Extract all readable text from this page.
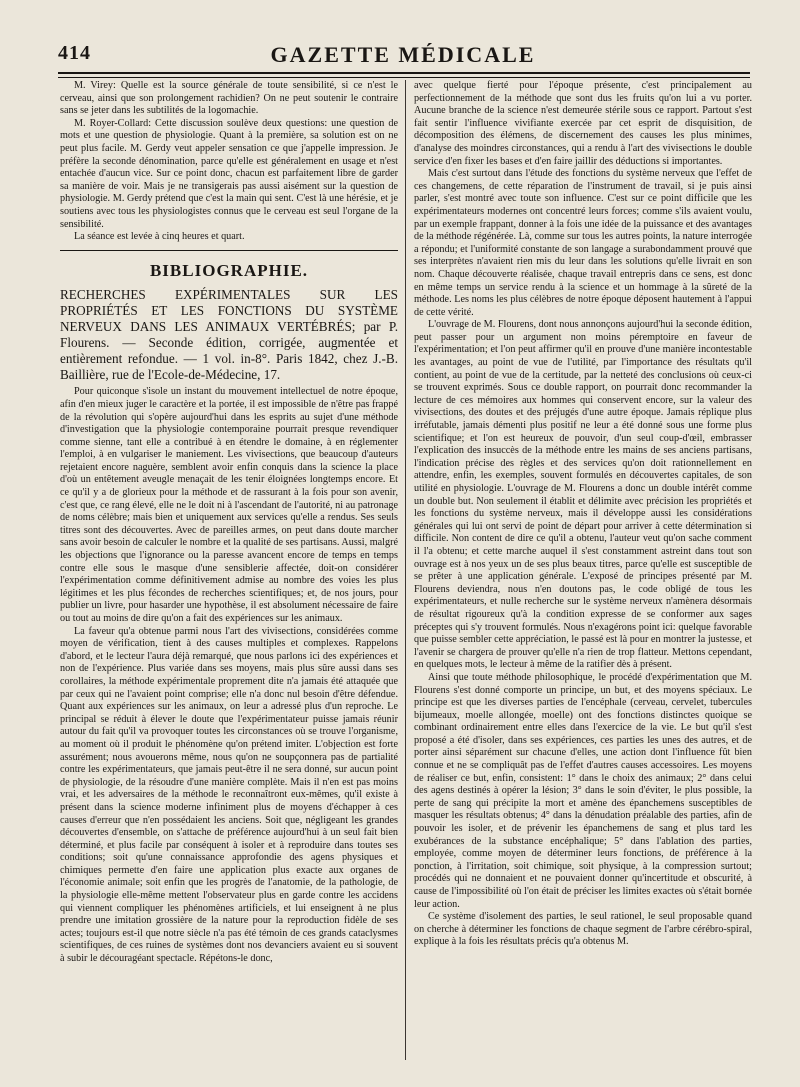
GAZETTE MÉDICALE
414

M. Virey: Quelle est la source générale de toute sensibilité, si ce n'est le cerveau, ainsi que son prolongement rachidien? On ne peut soutenir le contraire sans se jeter dans les subtilités de la logomachie.

M. Royer-Collard: Cette discussion soulève deux questions: une question de mots et une question de physiologie. Quant à la première, sa solution est on ne peut plus facile. M. Gerdy veut appeler sensation ce que j'appelle impression. Je préfère la seconde dénomination, parce qu'elle est généralement en usage et n'est entachée d'aucun vice. Sur ce point donc, chacun est parfaitement libre de garder sa manière de voir. Mais je ne transigerais pas aussi aisément sur la question de physiologie. M. Gerdy prétend que c'est la main qui sent. C'est là une hérésie, et je soutiens avec tous les physiologistes connus que le cerveau est seul l'organe de la sensibilité.

La séance est levée à cinq heures et quart.

BIBLIOGRAPHIE.

RECHERCHES EXPÉRIMENTALES SUR LES PROPRIÉTÉS ET LES FONCTIONS DU SYSTÈME NERVEUX DANS LES ANIMAUX VERTÉBRÉS; par P. Flourens. — Seconde édition, corrigée, augmentée et entièrement refondue. — 1 vol. in-8°. Paris 1842, chez J.-B. Baillière, rue de l'Ecole-de-Médecine, 17.

Pour quiconque s'isole un instant du mouvement intellectuel de notre époque, afin d'en mieux juger le caractère et la portée, il est impossible de n'être pas frappé de la révolution qui s'opère aujourd'hui dans les esprits au sujet d'une méthode d'investigation que la physiologie contemporaine pourrait presque revendiquer comme sienne, tant elle a contribué à en étendre le domaine, à en réglementer l'emploi, à en vulgariser le maniement. Les vivisections, que beaucoup d'auteurs rejetaient encore naguère, semblent avoir enfin conquis dans la science la place d'où un entêtement aveugle menaçait de les tenir éloignées longtemps encore. Et ce qu'il y a de glorieux pour la méthode et de rassurant à la fois pour son avenir, c'est que, ce rang élevé, elle ne le doit ni à l'ascendant de l'autorité, ni au patronage de noms célèbre; mais bien et uniquement aux services qu'elle a rendus. Ses seuls titres sont des découvertes. Avec de pareilles armes, on peut dans doute marcher sans avoir besoin de calculer le nombre et la qualité de ses partisans. Aussi, malgré les objections que l'ignorance ou la paresse avancent encore de temps en temps contre elle sous le masque d'une sensiblerie affectée, doit-on considérer l'expérimentation comme définitivement admise au nombre des voies les plus légitimes et les plus fécondes de recherches scientifiques; et, de nos jours, pour publier un livre, pour hasarder une hypothèse, il est absolument nécessaire de faire ou tout au moins de dire qu'on a fait des expériences sur les animaux.

La faveur qu'a obtenue parmi nous l'art des vivisections, considérées comme moyen de vérification, tient à des causes multiples et complexes. Rappelons d'abord, et le lecteur l'aura déjà remarqué, que nous parlons ici des expériences et non de l'expérience. Plus variée dans ses moyens, mais plus sûre aussi dans ses corollaires, la méthode expérimentale proprement dite n'a jamais été attaquée que par ceux qui ne l'avaient point comprise; elle n'a donc nul besoin d'être défendue. Quant aux expériences sur les animaux, on leur a adressé plus d'un reproche. Le principal se réduit à élever le doute que l'expérimentateur puisse jamais réunir autour du fait qu'il va provoquer toutes les circonstances où se trouve l'organisme, au moment où il produit le phénomène qu'on prétend imiter. L'objection est forte assurément; nous avouerons même, nous qu'on ne soupçonnera pas de partialité contre les expérimentateurs, que jamais peut-être il ne sera donné, sur aucun point de physiologie, de la résoudre d'une manière complète. Mais il n'en est pas moins vrai, et les adversaires de la méthode le reconnaîtront eux-mêmes, qu'il existe à présent dans la science moderne infiniment plus de moyens d'échapper à ces causes d'erreur que n'en possédaient les anciens. Soit que, négligeant les grandes découvertes d'ensemble, on s'attache de préférence aujourd'hui à un seul fait bien déterminé, et plus facile par conséquent à isoler et à reproduire dans toutes ses conditions; soit qu'une connaissance approfondie des agens physiques et chimiques permette d'en faire une application plus exacte aux organes de l'économie animale; soit enfin que les progrès de l'anatomie, de la pathologie, de la physiologie elle-même mettent l'observateur plus en garde contre les accidens qui viennent compliquer les phénomènes artificiels, et lui enseignent à ne plus prendre une imitation grossière de la nature pour la reproduction fidèle de ses actes; toujours est-il que notre siècle n'a pas été témoin de ces grands cataclysmes scientifiques, de ces ruines de systèmes dont nos devanciers avaient eu si souvent à subir le découragéant spectacle. Répétons-le donc,

avec quelque fierté pour l'époque présente, c'est principalement au perfectionnement de la méthode que sont dus les fruits qu'on lui a vu porter. Aucune branche de la science n'est demeurée stérile sous ce rapport. Partout s'est fait sentir l'influence vivifiante exercée par cet esprit de disquisition, de décomposition des élémens, de discernement des causes les plus minimes, d'analyse des moindres circonstances, qui a rendu à l'art des vivisections le double service d'en fixer les bases et d'en faire jaillir des déductions si importantes.

Mais c'est surtout dans l'étude des fonctions du système nerveux que l'effet de ces changemens, de cette réparation de l'instrument de travail, si je puis ainsi parler, s'est montré avec toute son influence. C'est sur ce point difficile que les expérimentateurs modernes ont concentré leurs forces; comme s'ils avaient voulu, par un exemple frappant, donner à la fois une idée de la puissance et des avantages de la méthode régénérée. Là, comme sur tous les autres points, la nature interrogée a répondu; et l'uniformité constante de son langage a surabondamment prouvé que ses interprètes n'avaient rien mis du leur dans les solutions qu'elle livrait en son nom. Chaque découverte réalisée, chaque travail entrepris dans ce sens, est donc en même temps un service rendu à la science et un hommage à la sûreté de la méthode. Les noms les plus célèbres de notre époque déposent hautement à l'appui de cette vérité.

L'ouvrage de M. Flourens, dont nous annonçons aujourd'hui la seconde édition, peut passer pour un argument non moins péremptoire en faveur de l'expérimentation; et l'on peut affirmer qu'il en prouve d'une manière incontestable les avantages, au point de vue de l'utilité, par l'importance des résultats qu'il contient, au point de vue de la certitude, par la netteté des conclusions où ceux-ci se trouvent exprimés. Sous ce double rapport, on pourrait donc recommander la lecture de ces mémoires aux hommes qui conservent encore, sur la valeur des vivisections, des doutes et des préjugés d'une autre époque. Jamais réplique plus irréfutable, jamais démenti plus positif ne leur a été donné sous une forme plus scientifique; et l'on est heureux de pouvoir, d'un seul coup-d'œil, embrasser l'explication des insuccès de la méthode entre les mains de ses anciens partisans, l'indication précise des règles et des services qu'on doit rationnellement en attendre, enfin, les exemples, souvent formulés en découvertes capitales, de son utilité en physiologie. L'ouvrage de M. Flourens a donc un double intérêt comme un double but. Non seulement il établit et délimite avec précision les propriétés et les fonctions du système nerveux, mais il développe aussi les considérations générales qui lui ont servi de point de départ pour arriver à cette détermination si difficile. Non content de dire ce qu'il a obtenu, l'auteur veut qu'on sache comment il l'a obtenu; et cette marche auquel il s'est constamment astreint dans tout son ouvrage est à nos yeux un de ses plus beaux titres, parce qu'elle est susceptible de se prêter à une application générale. L'exposé de principes présenté par M. Flourens deviendra, nous n'en doutons pas, le code obligé de tous les expérimentateurs, et nulle recherche sur le système nerveux n'amènera désormais de résultat rigoureux qu'à la condition expresse de se conformer aux sages préceptes qui s'y trouvent formulés. Nous n'exagérons point ici: quelque favorable que puisse sembler cette appréciation, le passé est là pour en montrer la justesse, et l'avenir se chargera de prouver qu'elle n'a rien de trop flatteur. Mettons cependant, en quelques mots, le lecteur à même de la ratifier dès à présent.

Ainsi que toute méthode philosophique, le procédé d'expérimentation que M. Flourens s'est donné comporte un principe, un but, et des moyens spéciaux. Le principe est que les diverses parties de l'encéphale (cerveau, cervelet, tubercules bijumeaux, moelle allongée, moelle) ont des fonctions distinctes quoique se combinant ordinairement entre elles dans l'exercice de la vie. Le but qu'il s'est proposé a été d'isoler, dans ses expériences, ces parties les unes des autres, et de porter ainsi séparément sur chacune d'elles, une action dont l'influence fût bien connue et ne se compliquât pas de l'effet d'autres causes accessoires. Les moyens de réaliser ce but, enfin, consistent: 1° dans le choix des animaux; 2° dans celui des agens destinés à opérer la lésion; 3° dans le soin d'éviter, le plus possible, la perte de sang qui précipite la mort et amène des épanchemens susceptibles de masquer les résultats obtenus; 4° dans la dénudation préalable des parties, afin de pouvoir les isoler, et de prévenir les épanchemens de sang et plus tard les exubérances de la substance encéphalique; 5° dans l'ablation des parties, employée, comme moyen de déterminer leurs fonctions, de préférence à la ponction, à l'irritation, soit chimique, soit physique, à la compression surtout; procédés qui ne donnaient et ne pouvaient donner qu'incertitude et obscurité, à cause de l'impossibilité où l'on était de préciser les limites exactes où s'était bornée leur action.

Ce système d'isolement des parties, le seul rationel, le seul proposable quand on cherche à déterminer les fonctions de chaque segment de l'arbre cérébro-spiral, explique à la fois les résultats précis qu'a obtenus M.
